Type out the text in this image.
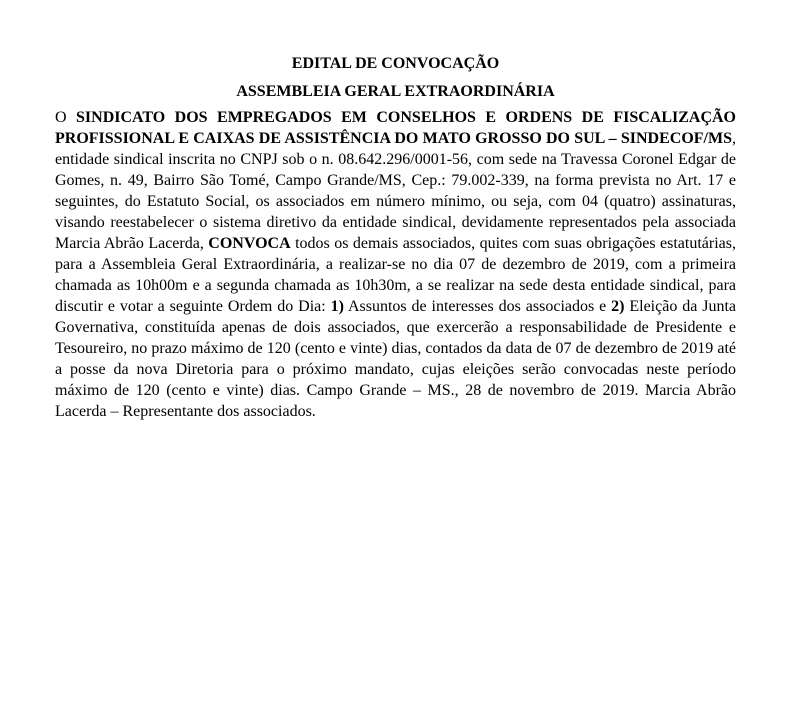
EDITAL DE CONVOCAÇÃO
ASSEMBLEIA GERAL EXTRAORDINÁRIA

O SINDICATO DOS EMPREGADOS EM CONSELHOS E ORDENS DE FISCALIZAÇÃO PROFISSIONAL E CAIXAS DE ASSISTÊNCIA DO MATO GROSSO DO SUL – SINDECOF/MS, entidade sindical inscrita no CNPJ sob o n. 08.642.296/0001-56, com sede na Travessa Coronel Edgar de Gomes, n. 49, Bairro São Tomé, Campo Grande/MS, Cep.: 79.002-339, na forma prevista no Art. 17 e seguintes, do Estatuto Social, os associados em número mínimo, ou seja, com 04 (quatro) assinaturas, visando reestabelecer o sistema diretivo da entidade sindical, devidamente representados pela associada Marcia Abrão Lacerda, CONVOCA todos os demais associados, quites com suas obrigações estatutárias, para a Assembleia Geral Extraordinária, a realizar-se no dia 07 de dezembro de 2019, com a primeira chamada as 10h00m e a segunda chamada as 10h30m, a se realizar na sede desta entidade sindical, para discutir e votar a seguinte Ordem do Dia: 1) Assuntos de interesses dos associados e 2) Eleição da Junta Governativa, constituída apenas de dois associados, que exercerão a responsabilidade de Presidente e Tesoureiro, no prazo máximo de 120 (cento e vinte) dias, contados da data de 07 de dezembro de 2019 até a posse da nova Diretoria para o próximo mandato, cujas eleições serão convocadas neste período máximo de 120 (cento e vinte) dias. Campo Grande – MS., 28 de novembro de 2019. Marcia Abrão Lacerda – Representante dos associados.
